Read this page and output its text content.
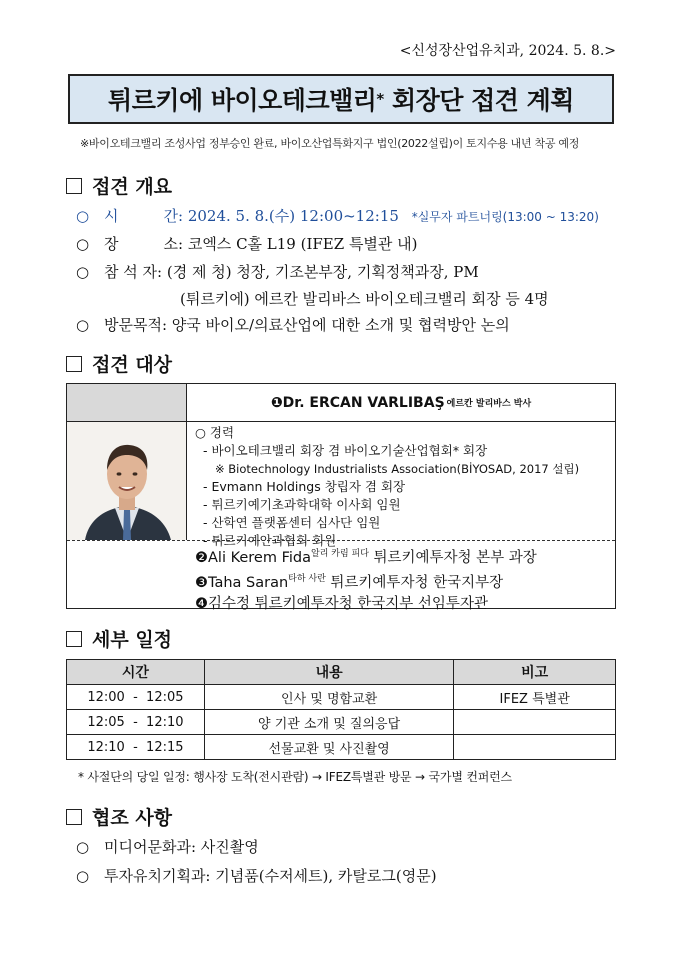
<신성장산업유치과, 2024. 5. 8.>
튀르키에 바이오테크밸리 * 회장단 접견 계획
※바이오테크밸리 조성사업 정부승인 완료, 바이오산업특화지구 법인(2022설립)이 토지수용 내년 착공 예정
접견 개요
○ 시　　　간: 2024. 5. 8.(수) 12:00~12:15 *실무자 파트너링(13:00 ~ 13:20)
○ 장　　　소: 코엑스 C홀 L19 (IFEZ 특별관 내)
○ 참 석 자: (경 제 청) 청장, 기조본부장, 기획정책과장, PM
(튀르키에) 에르칸 발리바스 바이오테크밸리 회장 등 4명
○ 방문목적: 양국 바이오/의료산업에 대한 소개 및 협력방안 논의
접견 대상
❶Dr. ERCAN VARLIBAŞ 에르칸 발리바스 박사
○ 경력
- 바이오테크밸리 회장 겸 바이오기술산업협회* 회장
※ Biotechnology Industrialists Association(BİYOSAD, 2017 설립)
- Evmann Holdings 창립자 겸 회장
- 튀르키예기초과학대학 이사회 임원
- 산학연 플랫폼센터 심사단 임원
- 튀르키예안과협회 회원
❷Ali Kerem Fida$^{알리 카림 피다}$ 튀르키예투자청 본부 과장
❸Taha Saran$^{타하 사란}$ 튀르키예투자청 한국지부장
❹김수정 튀르키예투자청 한국지부 선임투자관
세부 일정
시간	내용	비고
12:00  -  12:05	인사 및 명함교환	IFEZ 특별관
12:05  -  12:10	양 기관 소개 및 질의응답	
12:10  -  12:15	선물교환 및 사진촬영	
* 사절단의 당일 일정: 행사장 도착(전시관람) → IFEZ특별관 방문 → 국가별 컨퍼런스
협조 사항
○ 미디어문화과: 사진촬영
○ 투자유치기획과: 기념품(수저세트), 카탈로그(영문)
